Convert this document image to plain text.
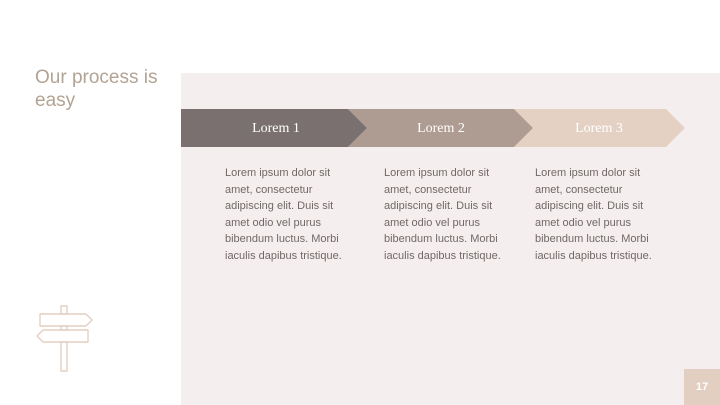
Our process is easy
Lorem 1	Lorem 2	Lorem 3
Lorem ipsum dolor sit amet, consectetur adipiscing elit. Duis sit amet odio vel purus bibendum luctus. Morbi iaculis dapibus tristique.
Lorem ipsum dolor sit amet, consectetur adipiscing elit. Duis sit amet odio vel purus bibendum luctus. Morbi iaculis dapibus tristique.
Lorem ipsum dolor sit amet, consectetur adipiscing elit. Duis sit amet odio vel purus bibendum luctus. Morbi iaculis dapibus tristique.
17
